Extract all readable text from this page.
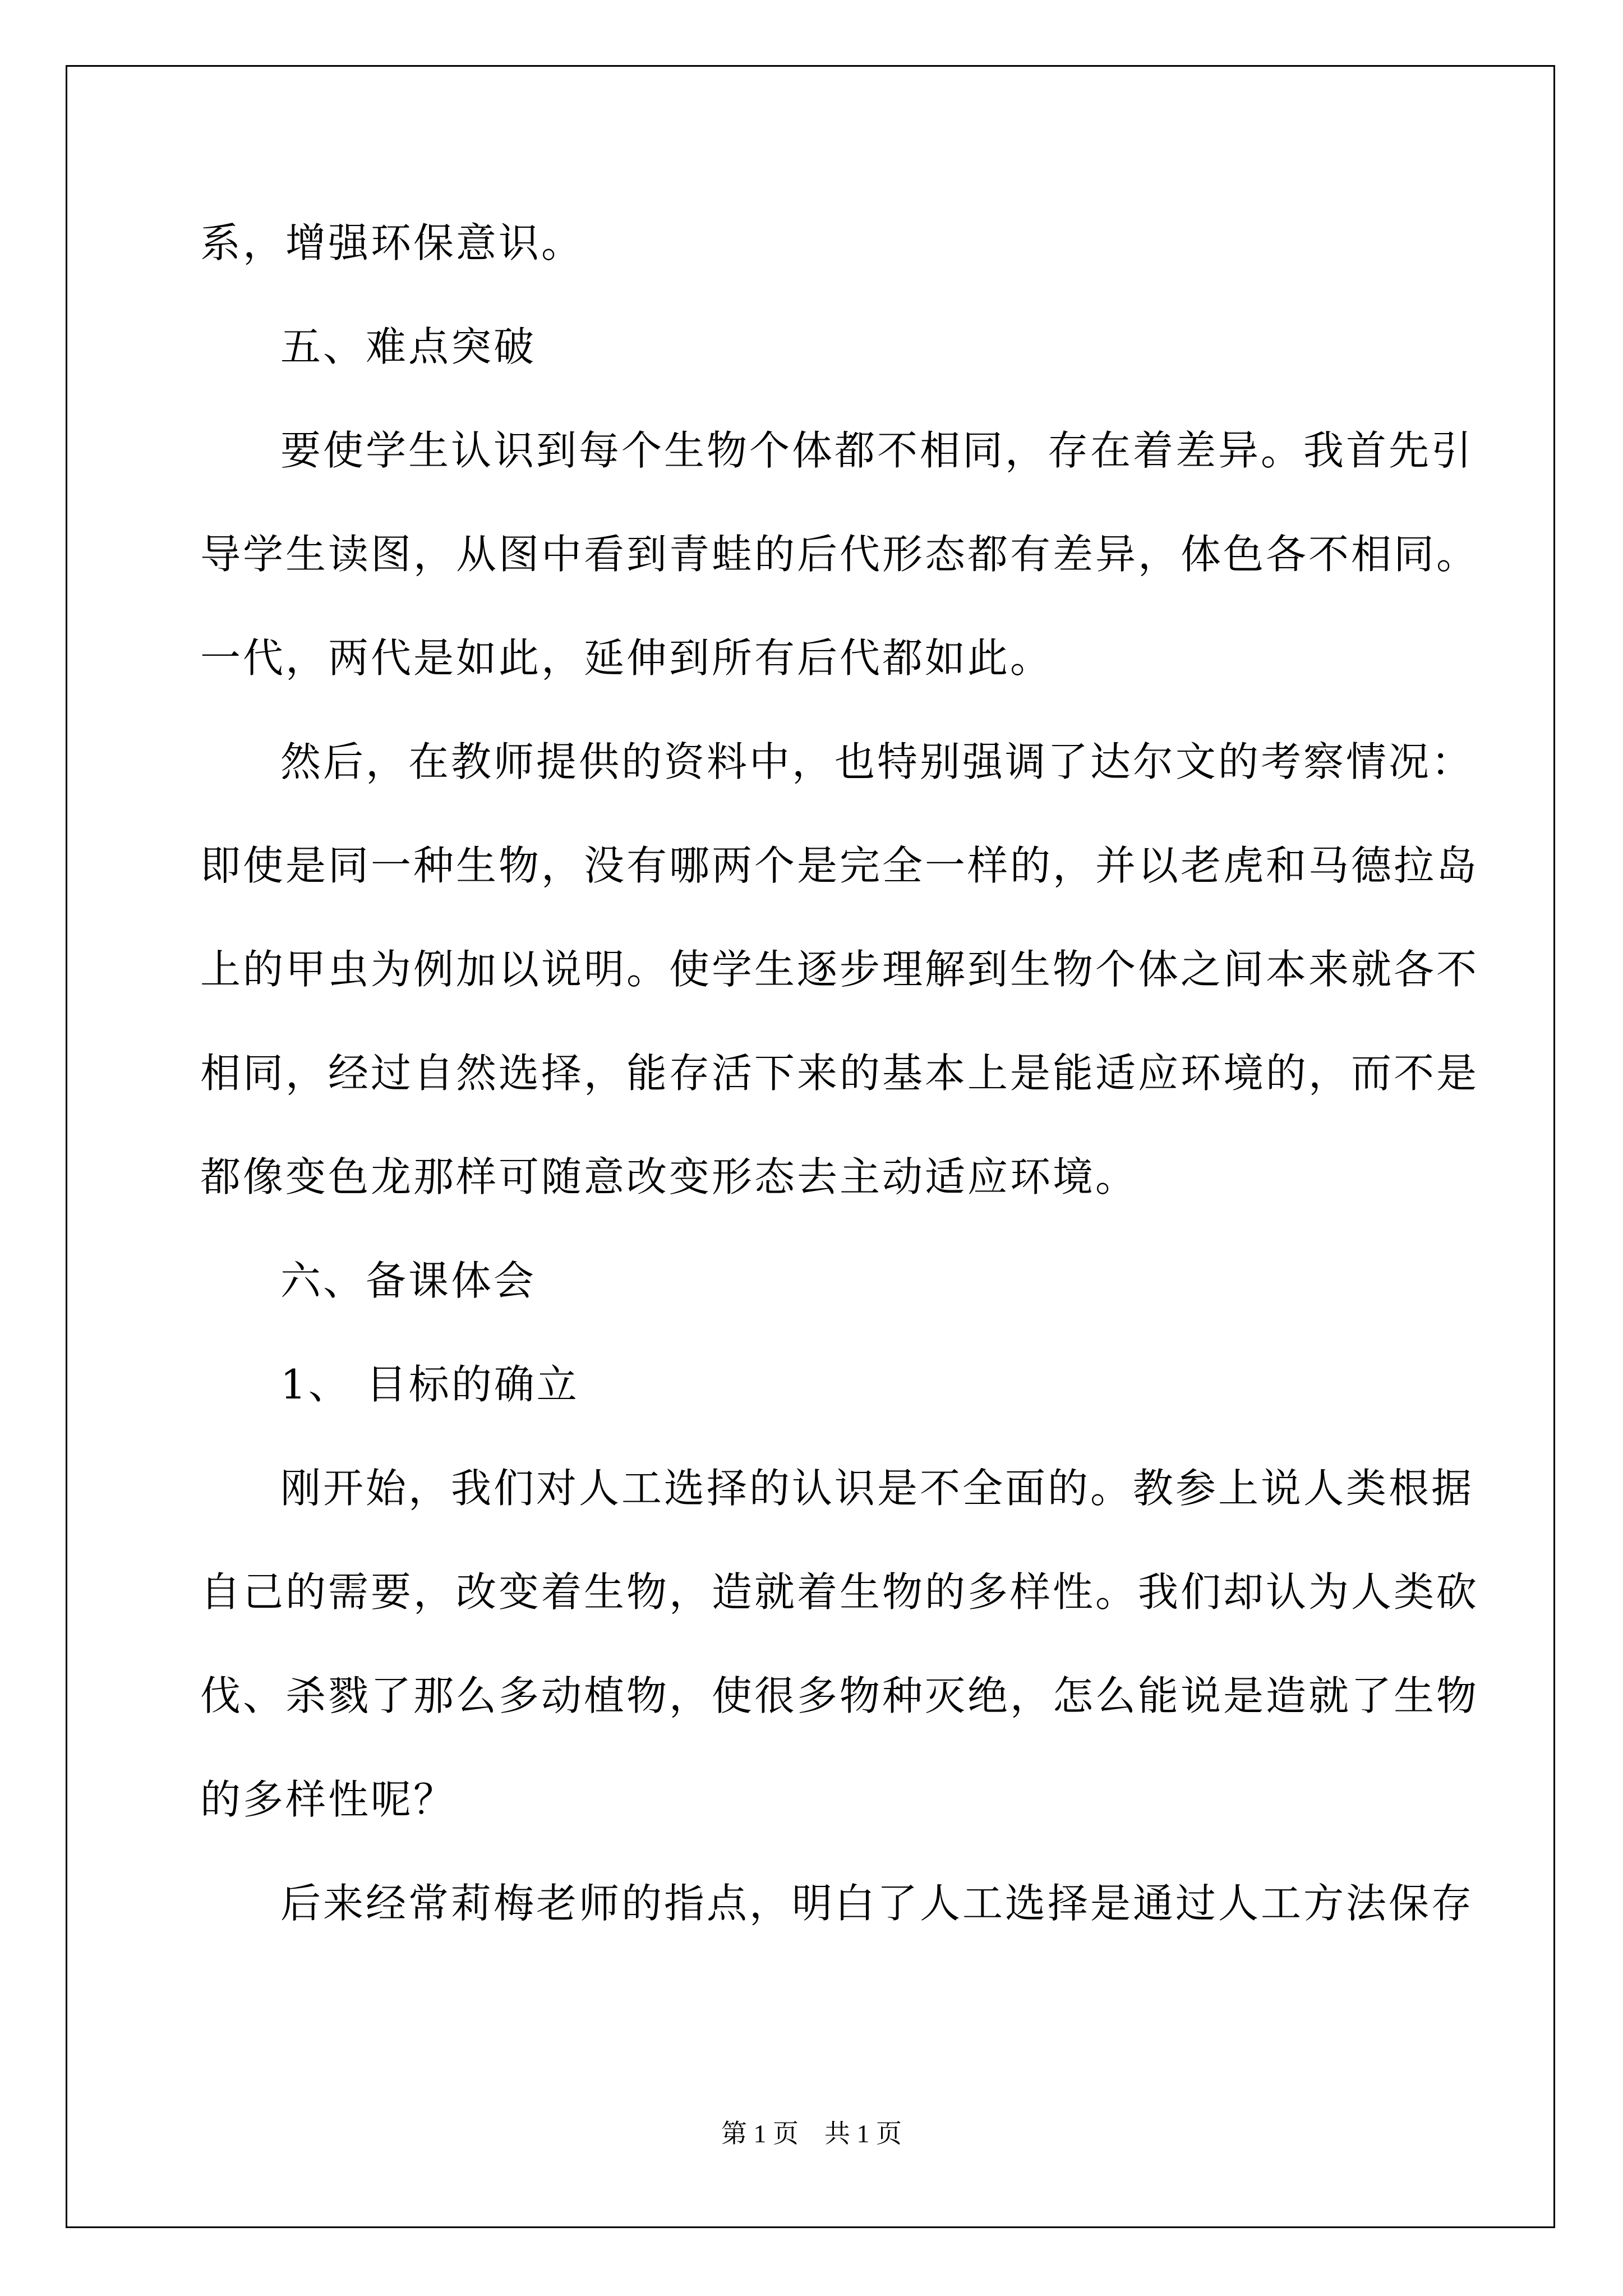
系，增强环保意识。
五、难点突破
要使学生认识到每个生物个体都不相同，存在着差异。我首先引
导学生读图，从图中看到青蛙的后代形态都有差异，体色各不相同。
一代，两代是如此，延伸到所有后代都如此。
然后，在教师提供的资料中，也特别强调了达尔文的考察情况：
即使是同一种生物，没有哪两个是完全一样的，并以老虎和马德拉岛
上的甲虫为例加以说明。使学生逐步理解到生物个体之间本来就各不
相同，经过自然选择，能存活下来的基本上是能适应环境的，而不是
都像变色龙那样可随意改变形态去主动适应环境。
六、备课体会
1、 目标的确立
刚开始，我们对人工选择的认识是不全面的。教参上说人类根据
自己的需要，改变着生物，造就着生物的多样性。我们却认为人类砍
伐、杀戮了那么多动植物，使很多物种灭绝，怎么能说是造就了生物
的多样性呢？
后来经常莉梅老师的指点，明白了人工选择是通过人工方法保存
第 1 页　共 1 页
